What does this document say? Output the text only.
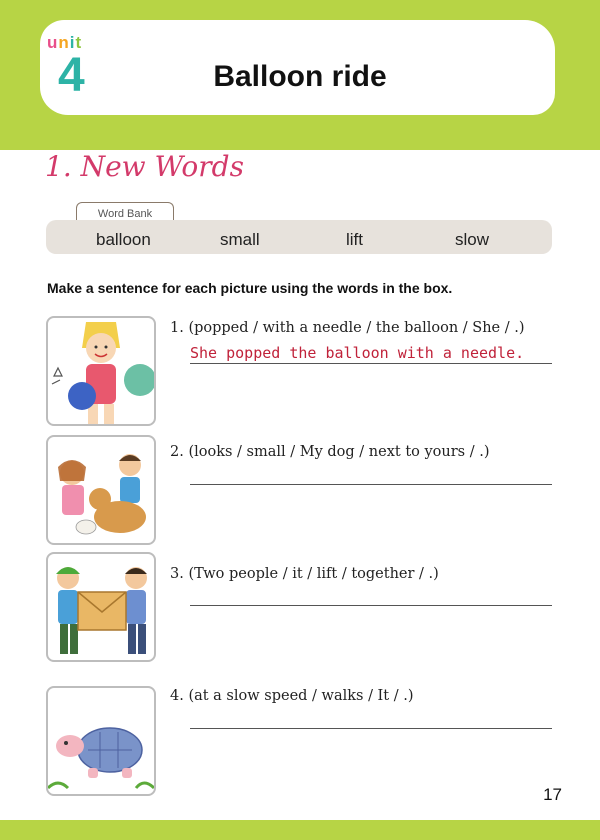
unit
4	Balloon ride
1. New Words
Word Bank
balloon	small	lift	slow
Make a sentence for each picture using the words in the box.
1. (popped / with a needle / the balloon / She / .)
She popped the balloon with a needle.
2. (looks / small / My dog / next to yours / .)
3. (Two people / it / lift / together / .)
4. (at a slow speed / walks / It / .)
17
